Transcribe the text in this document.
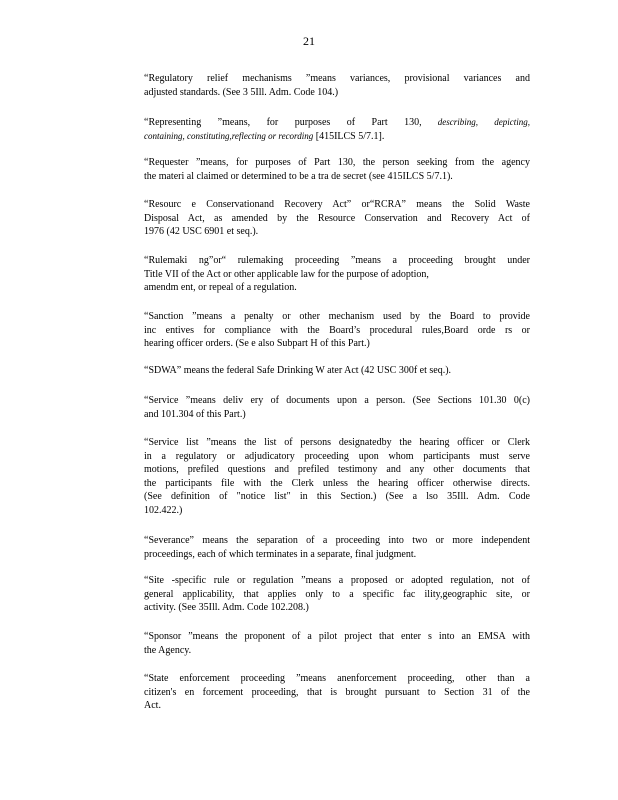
21
“Regulatory relief mechanisms ”means variances, provisional variances and
adjusted standards. (See 3 5Ill. Adm. Code 104.)
“Representing ”means, for purposes of Part 130, describing, depicting,
containing, constituting,reflecting or recording [415ILCS 5/7.1].
“Requester ”means, for purposes of Part 130, the person seeking from the agency
the materi al claimed or determined to be a tra de secret (see 415ILCS 5/7.1).
“Resourc e Conservationand Recovery Act” or“RCRA” means the Solid Waste
Disposal Act, as amended by the Resource Conservation and Recovery Act of
1976 (42 USC 6901 et seq.).
“Rulemaki ng”or“ rulemaking proceeding ”means a proceeding brought under
Title VII of the Act or other applicable law for the purpose of adoption,
amendm ent, or repeal of a regulation.
“Sanction ”means a penalty or other mechanism used by the Board to provide
inc entives for compliance with the Board’s procedural rules,Board orde rs or
hearing officer orders. (Se e also Subpart H of this Part.)
“SDWA” means the federal Safe Drinking W ater Act (42 USC 300f et seq.).
“Service ”means deliv ery of documents upon a person. (See Sections 101.30 0(c)
and 101.304 of this Part.)
“Service list ”means the list of persons designatedby the hearing officer or Clerk
in a regulatory or adjudicatory proceeding upon whom participants must serve
motions, prefiled questions and prefiled testimony and any other documents that
the participants file with the Clerk unless the hearing officer otherwise directs.
(See definition of "notice list" in this Section.) (See a lso 35Ill. Adm. Code
102.422.)
“Severance” means the separation of a proceeding into two or more independent
proceedings, each of which terminates in a separate, final judgment.
“Site -specific rule or regulation ”means a proposed or adopted regulation, not of
general applicability, that applies only to a specific fac ility,geographic site, or
activity. (See 35Ill. Adm. Code 102.208.)
“Sponsor ”means the proponent of a pilot project that enter s into an EMSA with
the Agency.
“State enforcement proceeding ”means anenforcement proceeding, other than a
citizen's en forcement proceeding, that is brought pursuant to Section 31 of the
Act.
